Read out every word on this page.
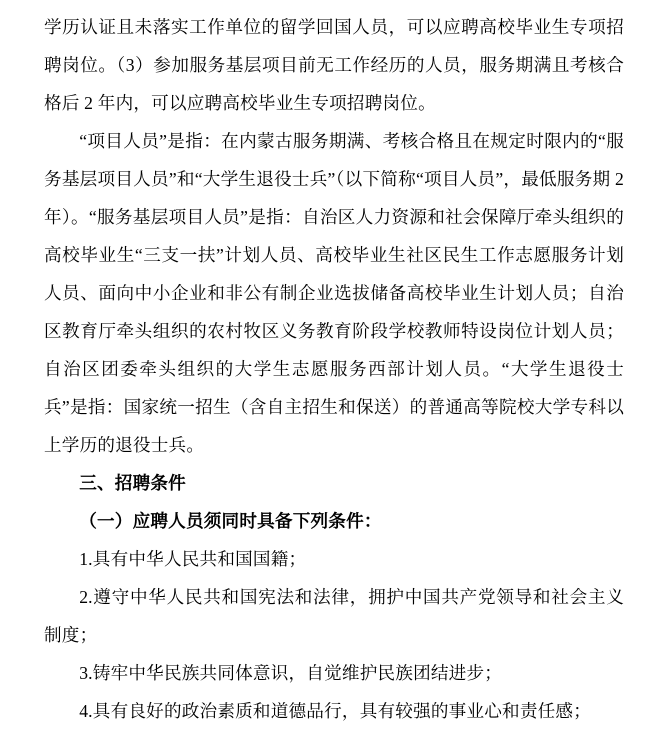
学历认证且未落实工作单位的留学回国人员，可以应聘高校毕业生专项招聘岗位。（3）参加服务基层项目前无工作经历的人员，服务期满且考核合格后 2 年内，可以应聘高校毕业生专项招聘岗位。

“项目人员”是指：在内蒙古服务期满、考核合格且在规定时限内的“服务基层项目人员”和“大学生退役士兵”（以下简称“项目人员”，最低服务期 2 年）。“服务基层项目人员”是指：自治区人力资源和社会保障厅牵头组织的高校毕业生“三支一扶”计划人员、高校毕业生社区民生工作志愿服务计划人员、面向中小企业和非公有制企业选拔储备高校毕业生计划人员；自治区教育厅牵头组织的农村牧区义务教育阶段学校教师特设岗位计划人员；自治区团委牵头组织的大学生志愿服务西部计划人员。“大学生退役士兵”是指：国家统一招生（含自主招生和保送）的普通高等院校大学专科以上学历的退役士兵。

三、招聘条件

（一）应聘人员须同时具备下列条件：

1.具有中华人民共和国国籍；

2.遵守中华人民共和国宪法和法律，拥护中国共产党领导和社会主义制度；

3.铸牢中华民族共同体意识，自觉维护民族团结进步；

4.具有良好的政治素质和道德品行，具有较强的事业心和责任感；
